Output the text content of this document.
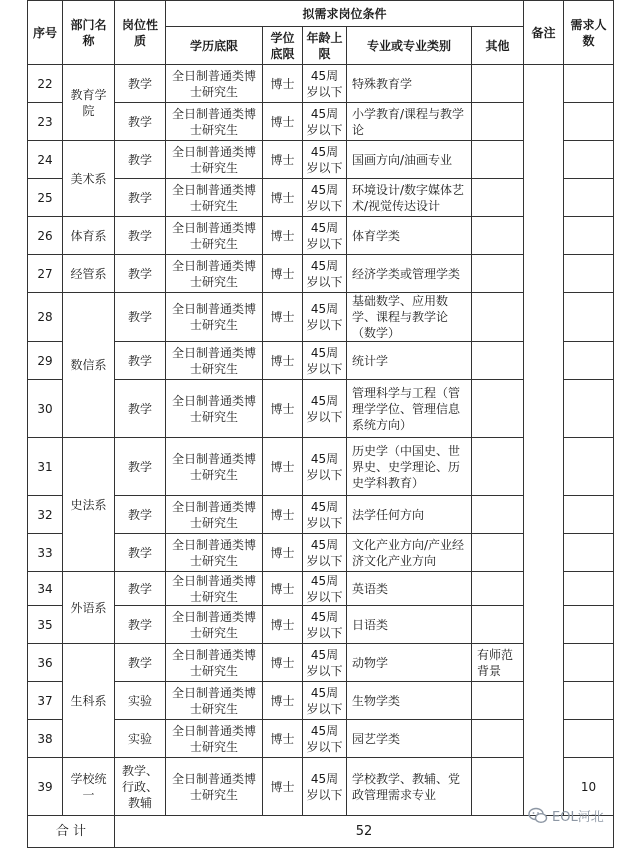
序号	部门名称	岗位性质	拟需求岗位条件					备注	需求人数
			学历底限	学位底限	年龄上限	专业或专业类别	其他		
22	教育学院	教学	全日制普通类博士研究生	博士	45周岁以下	特殊教育学			
23		教学	全日制普通类博士研究生	博士	45周岁以下	小学教育/课程与教学论			
24	美术系	教学	全日制普通类博士研究生	博士	45周岁以下	国画方向/油画专业			
25		教学	全日制普通类博士研究生	博士	45周岁以下	环境设计/数字媒体艺术/视觉传达设计			
26	体育系	教学	全日制普通类博士研究生	博士	45周岁以下	体育学类			
27	经管系	教学	全日制普通类博士研究生	博士	45周岁以下	经济学类或管理学类			
28	数信系	教学	全日制普通类博士研究生	博士	45周岁以下	基础数学、应用数学、课程与教学论（数学）			
29		教学	全日制普通类博士研究生	博士	45周岁以下	统计学			
30		教学	全日制普通类博士研究生	博士	45周岁以下	管理科学与工程（管理学学位、管理信息系统方向）			
31	史法系	教学	全日制普通类博士研究生	博士	45周岁以下	历史学（中国史、世界史、史学理论、历史学科教育）			
32		教学	全日制普通类博士研究生	博士	45周岁以下	法学任何方向			
33		教学	全日制普通类博士研究生	博士	45周岁以下	文化产业方向/产业经济文化产业方向			
34	外语系	教学	全日制普通类博士研究生	博士	45周岁以下	英语类			
35		教学	全日制普通类博士研究生	博士	45周岁以下	日语类			
36	生科系	教学	全日制普通类博士研究生	博士	45周岁以下	动物学	有师范背景		
37		实验	全日制普通类博士研究生	博士	45周岁以下	生物学类			
38		实验	全日制普通类博士研究生	博士	45周岁以下	园艺学类			
39	学校统一	教学、行政、教辅	全日制普通类博士研究生	博士	45周岁以下	学校教学、教辅、党政管理需求专业			10
合 计		52							
EOL河北
